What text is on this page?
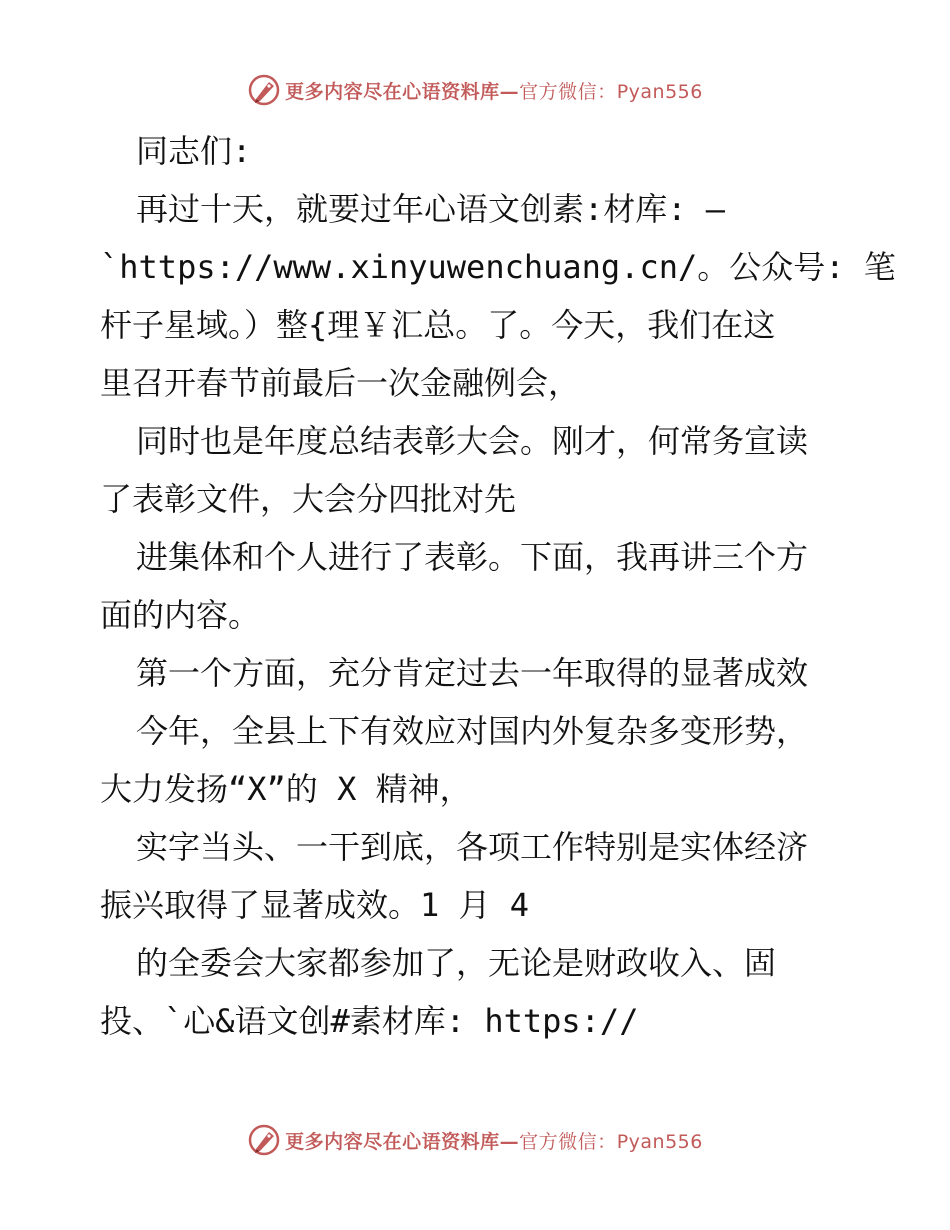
更多内容尽在心语资料库—官方微信：Pyan556
同志们:
再过十天，就要过年心语文创素:材库: —
`https://www.xinyuwenchuang.cn/。公众号: 笔
杆子星域。）整{理￥汇总。了。今天，我们在这
里召开春节前最后一次金融例会，
同时也是年度总结表彰大会。刚才，何常务宣读
了表彰文件，大会分四批对先
进集体和个人进行了表彰。下面，我再讲三个方
面的内容。
第一个方面，充分肯定过去一年取得的显著成效
今年，全县上下有效应对国内外复杂多变形势，
大力发扬“X”的 X 精神，
实字当头、一干到底，各项工作特别是实体经济
振兴取得了显著成效。1 月 4
的全委会大家都参加了，无论是财政收入、固
投、`心&语文创#素材库: https://
更多内容尽在心语资料库—官方微信：Pyan556
